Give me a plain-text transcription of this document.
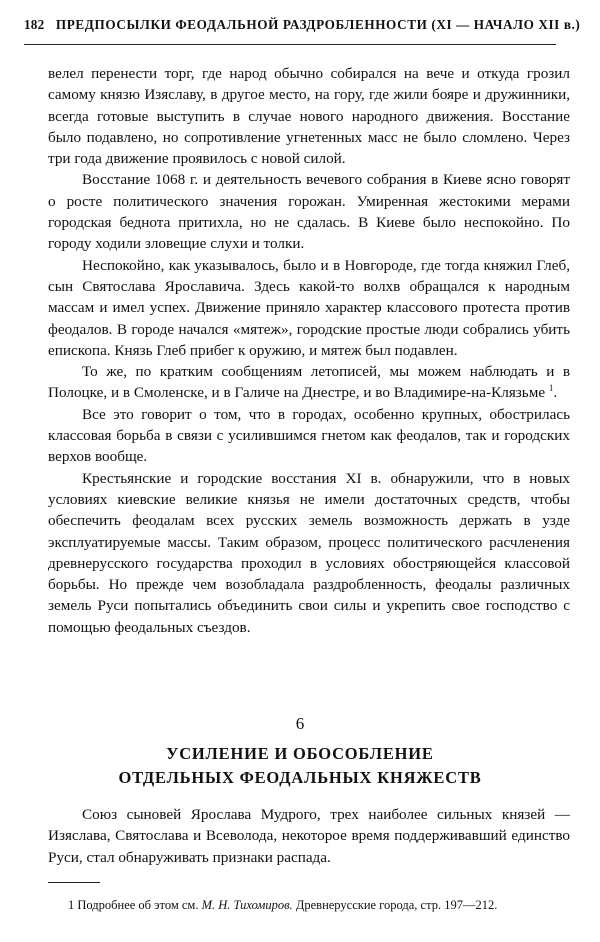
182 ПРЕДПОСЫЛКИ ФЕОДАЛЬНОЙ РАЗДРОБЛЕННОСТИ (XI — НАЧАЛО XII в.)

велел перенести торг, где народ обычно собирался на вече и откуда грозил самому князю Изяславу, в другое место, на гору, где жили бояре и дружинники, всегда готовые выступить в случае нового народного движения. Восстание было подавлено, но сопротивление угнетенных масс не было сломлено. Через три года движение проявилось с новой силой.

Восстание 1068 г. и деятельность вечевого собрания в Киеве ясно говорят о росте политического значения горожан. Умиренная жестокими мерами городская беднота притихла, но не сдалась. В Киеве было неспокойно. По городу ходили зловещие слухи и толки.

Неспокойно, как указывалось, было и в Новгороде, где тогда княжил Глеб, сын Святослава Ярославича. Здесь какой-то волхв обращался к народным массам и имел успех. Движение приняло характер классового протеста против феодалов. В городе начался «мятеж», городские простые люди собрались убить епископа. Князь Глеб прибег к оружию, и мятеж был подавлен.

То же, по кратким сообщениям летописей, мы можем наблюдать и в Полоцке, и в Смоленске, и в Галиче на Днестре, и во Владимире-на-Клязьме $^1$.

Все это говорит о том, что в городах, особенно крупных, обострилась классовая борьба в связи с усилившимся гнетом как феодалов, так и городских верхов вообще.

Крестьянские и городские восстания XI в. обнаружили, что в новых условиях киевские великие князья не имели достаточных средств, чтобы обеспечить феодалам всех русских земель возможность держать в узде эксплуатируемые массы. Таким образом, процесс политического расчленения древнерусского государства проходил в условиях обостряющейся классовой борьбы. Но прежде чем возобладала раздробленность, феодалы различных земель Руси попытались объединить свои силы и укрепить свое господство с помощью феодальных съездов.

6
УСИЛЕНИЕ И ОБОСОБЛЕНИЕ
ОТДЕЛЬНЫХ ФЕОДАЛЬНЫХ КНЯЖЕСТВ

Союз сыновей Ярослава Мудрого, трех наиболее сильных князей — Изяслава, Святослава и Всеволода, некоторое время поддерживавший единство Руси, стал обнаруживать признаки распада.

1 Подробнее об этом см. М. Н. Тихомиров. Древнерусские города, стр. 197—212.
